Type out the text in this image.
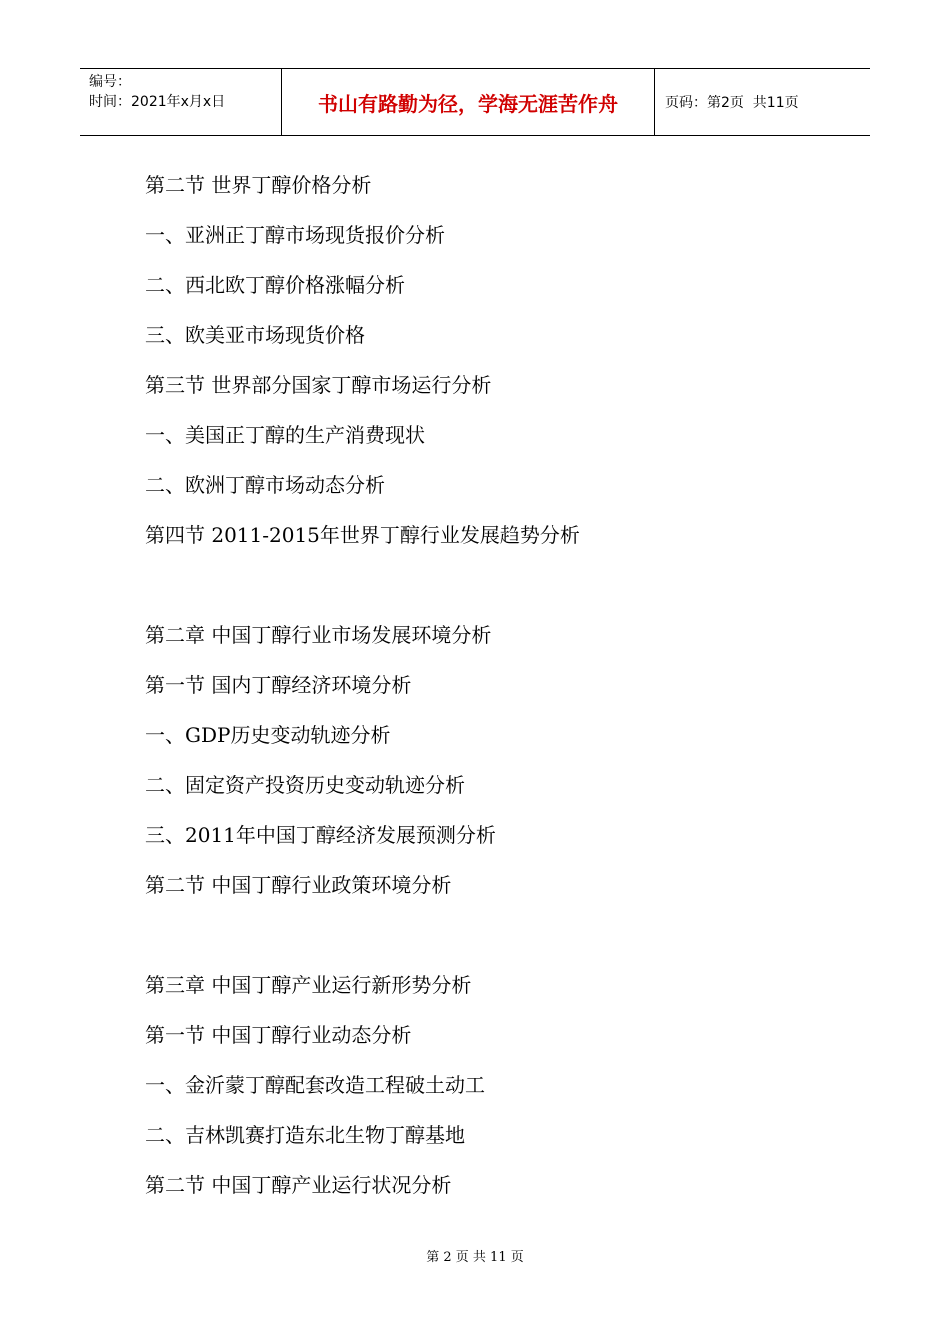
编号：
时间：2021年x月x日	书山有路勤为径，学海无涯苦作舟	页码：第2页  共11页
第二节 世界丁醇价格分析
一、亚洲正丁醇市场现货报价分析
二、西北欧丁醇价格涨幅分析
三、欧美亚市场现货价格
第三节 世界部分国家丁醇市场运行分析
一、美国正丁醇的生产消费现状
二、欧洲丁醇市场动态分析
第四节 2011-2015年世界丁醇行业发展趋势分析
第二章 中国丁醇行业市场发展环境分析
第一节 国内丁醇经济环境分析
一、GDP历史变动轨迹分析
二、固定资产投资历史变动轨迹分析
三、2011年中国丁醇经济发展预测分析
第二节 中国丁醇行业政策环境分析
第三章 中国丁醇产业运行新形势分析
第一节 中国丁醇行业动态分析
一、金沂蒙丁醇配套改造工程破土动工
二、吉林凯赛打造东北生物丁醇基地
第二节 中国丁醇产业运行状况分析
第 2 页 共 11 页
